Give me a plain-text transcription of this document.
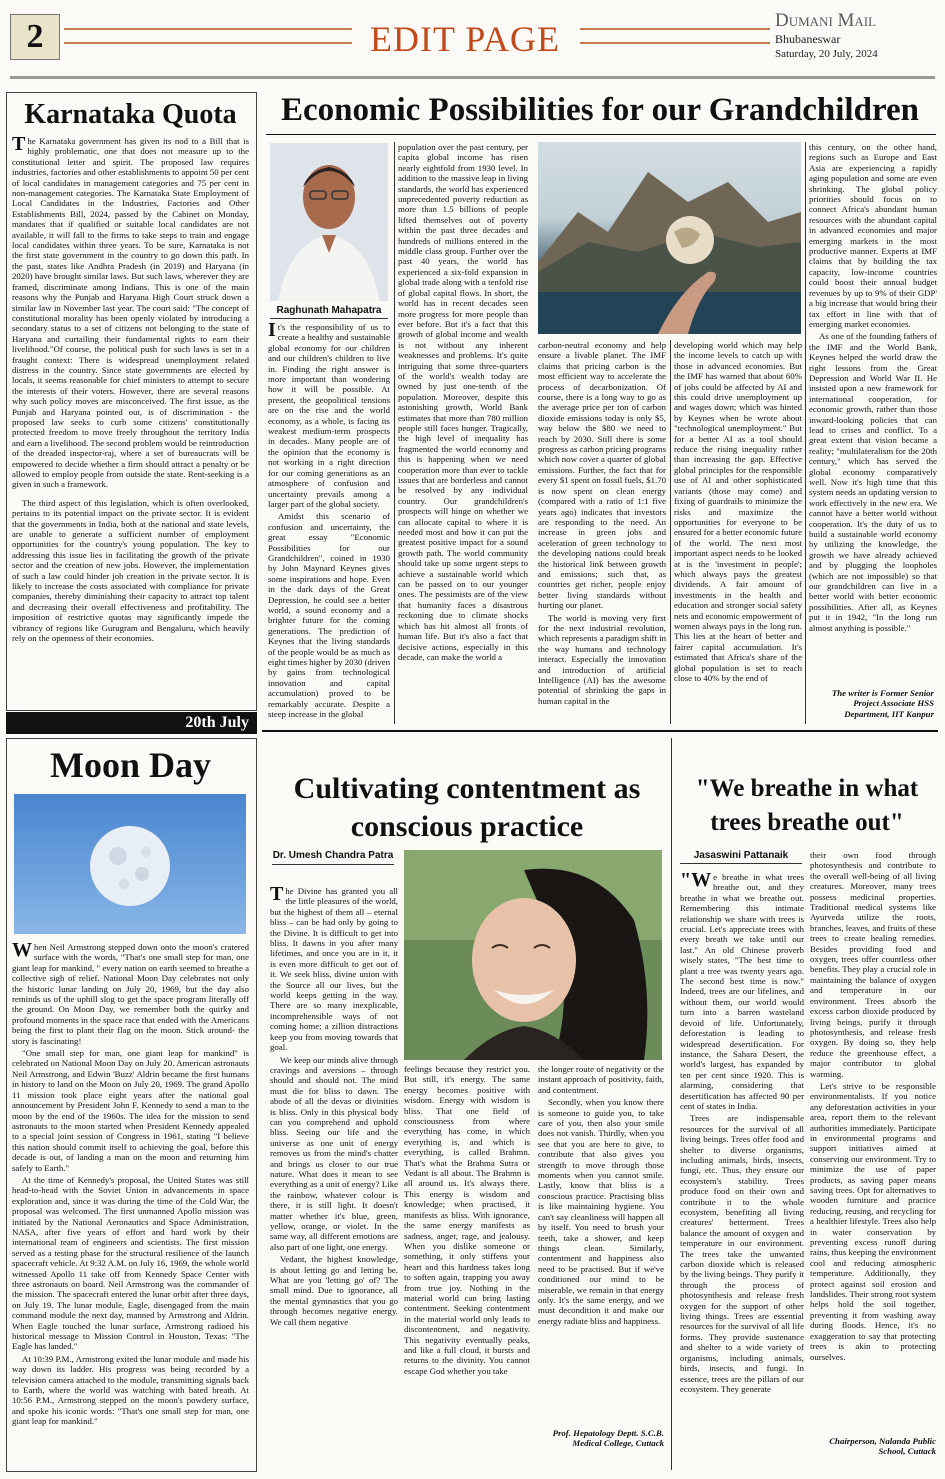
2	EDIT PAGE	Dumani Mail
Bhubaneswar
Saturday, 20 July, 2024
Karnataka Quota

The Karnataka government has given its nod to a Bill that is highly problematic, one that does not measure up to the constitutional letter and spirit. The proposed law requires industries, factories and other establishments to appoint 50 per cent of local candidates in management categories and 75 per cent in non-management categories. The Karnataka State Employment of Local Candidates in the Industries, Factories and Other Establishments Bill, 2024, passed by the Cabinet on Monday, mandates that if qualified or suitable local candidates are not available, it will fall to the firms to take steps to train and engage local candidates within three years. To be sure, Karnataka is not the first state government in the country to go down this path. In the past, states like Andhra Pradesh (in 2019) and Haryana (in 2020) have brought similar laws. But such laws, wherever they are framed, discriminate among Indians. This is one of the main reasons why the Punjab and Haryana High Court struck down a similar law in November last year. The court said: "The concept of constitutional morality has been openly violated by introducing a secondary status to a set of citizens not belonging to the state of Haryana and curtailing their fundamental rights to earn their livelihood."Of course, the political push for such laws is set in a fraught context: There is widespread unemployment related distress in the country. Since state governments are elected by locals, it seems reasonable for chief ministers to attempt to secure the interests of their voters. However, there are several reasons why such policy moves are misconceived. The first issue, as the Punjab and Haryana pointed out, is of discrimination - the proposed law seeks to curb some citizens' constitutionally protected freedom to move freely throughout the territory India and earn a livelihood. The second problem would be reintroduction of the dreaded inspector-raj, where a set of bureaucrats will be empowered to decide whether a firm should attract a penalty or be allowed to employ people from outside the state. Rent-seeking is a given in such a framework.

The third aspect of this legislation, which is often overlooked, pertains to its potential impact on the private sector. It is evident that the governments in India, both at the national and state levels, are unable to generate a sufficient number of employment opportunities for the country's young population. The key to addressing this issue lies in facilitating the growth of the private sector and the creation of new jobs. However, the implementation of such a law could hinder job creation in the private sector. It is likely to increase the costs associated with compliance for private companies, thereby diminishing their capacity to attract top talent and decreasing their overall effectiveness and profitability. The imposition of restrictive quotas may significantly impede the vibrancy of regions like Gurugram and Bengaluru, which heavily rely on the openness of their economies.

20th July
Moon Day

When Neil Armstrong stepped down onto the moon's cratered surface with the words, "That's one small step for man, one giant leap for mankind, " every nation on earth seemed to breathe a collective sigh of relief. National Moon Day celebrates not only the historic lunar landing on July 20, 1969, but the day also reminds us of the uphill slog to get the space program literally off the ground. On Moon Day, we remember both the quirky and profound moments in the space race that ended with the Americans being the first to plant their flag on the moon. Stick around- the story is fascinating!

"One small step for man, one giant leap for mankind" is celebrated on National Moon Day on July 20. American astronauts Neil Armstrong, and Edwin 'Buzz' Aldrin became the first humans in history to land on the Moon on July 20, 1969. The grand Apollo 11 mission took place eight years after the national goal announcement by President John F. Kennedy to send a man to the moon by the end of the 1960s. The idea for the mission to send astronauts to the moon started when President Kennedy appealed to a special joint session of Congress in 1961, stating "I believe this nation should commit itself to achieving the goal, before this decade is out, of landing a man on the moon and returning him safely to Earth."

At the time of Kennedy's proposal, the United States was still head-to-head with the Soviet Union in advancements in space exploration and, since it was during the time of the Cold War, the proposal was welcomed. The first unmanned Apollo mission was initiated by the National Aeronautics and Space Administration, NASA, after five years of effort and hard work by their international team of engineers and scientists. The first mission served as a testing phase for the structural resilience of the launch spacecraft vehicle. At 9:32 A.M. on July 16, 1969, the whole world witnessed Apollo 11 take off from Kennedy Space Center with three astronauts on board. Neil Armstrong was the commander of the mission. The spacecraft entered the lunar orbit after three days, on July 19. The lunar module, Eagle, disengaged from the main command module the next day, manned by Armstrong and Aldrin. When Eagle touched the lunar surface, Armstrong radioed his historical message to Mission Control in Houston, Texas: "The Eagle has landed."

At 10:39 P.M., Armstrong exited the lunar module and made his way down its ladder. His progress was being recorded by a television camera attached to the module, transmitting signals back to Earth, where the world was watching with bated breath. At 10:56 P.M., Armstrong stepped on the moon's powdery surface, and spoke his iconic words: "That's one small step for man, one giant leap for mankind."

Economic Possibilities for our Grandchildren
Raghunath Mahapatra

It's the responsibility of us to create a healthy and sustainable global economy for our children and our children's children to live in. Finding the right answer is more important than wondering how it will be possible. At present, the geopolitical tensions are on the rise and the world economy, as a whole, is facing its weakest medium-term prospects in decades. Many people are of the opinion that the economy is not working in a right direction for our coming generations as an atmosphere of confusion and uncertainty prevails among a larger part of the global society.

Amidst this scenario of confusion and uncertainty, the great essay "Economic Possibilities for our Grandchildren", coined in 1930 by John Maynard Keynes gives some inspirations and hope. Even in the dark days of the Great Depression, he could see a better world, a sound economy and a brighter future for the coming generations. The prediction of Keynes that the living standards of the people would be as much as eight times higher by 2030 (driven by gains from technological innovation and capital accumulation) proved to be remarkably accurate. Despite a steep increase in the global

population over the past century, per capita global income has risen nearly eightfold from 1930 level. In addition to the massive leap in living standards, the world has experienced unprecedented poverty reduction as more than 1.5 billions of people lifted themselves out of poverty within the past three decades and hundreds of millions entered in the middle class group. Further over the past 40 years, the world has experienced a six-fold expansion in global trade along with a tenfold rise of global capital flows. In short, the world has in recent decades seen more progress for more people than ever before. But it's a fact that this growth of global income and wealth is not without any inherent weaknesses and problems. It's quite intriguing that some three-quarters of the world's wealth today are owned by just one-tenth of the population. Moreover, despite this astonishing growth, World Bank estimates that more than 780 million people still faces hunger. Tragically, the high level of inequality has fragmented the world economy and this is happening when we need cooperation more than ever to tackle issues that are borderless and cannot be resolved by any individual country. Our grandchildren's prospects will hinge on whether we can allocate capital to where it is needed most and how it can put the greatest positive impact for a sound growth path. The world community should take up some urgent steps to achieve a sustainable world which can be passed on to our younger ones. The pessimists are of the view that humanity faces a disastrous reckoning due to climate shocks which has hit almost all fronts of human life. But it's also a fact that decisive actions, especially in this decade, can make the world a

carbon-neutral economy and help ensure a livable planet. The IMF claims that pricing carbon is the most efficient way to accelerate the process of decarbonization. Of course, there is a long way to go as the average price per ton of carbon dioxide emissions today is only $5, way below the $80 we need to reach by 2030. Still there is some progress as carbon pricing programs which now cover a quarter of global emissions. Further, the fact that for every $1 spent on fossil fuels, $1.70 is now spent on clean energy (compared with a ratio of 1:1 five years ago) indicates that investors are responding to the need. An increase in green jobs and aceleration of green technology to the developing nations could break the historical link between growth and emissions; such that, as countries get richer, people enjoy better living standards without hurting our planet.

The world is moving very first for the next industrial revolution, which represents a paradigm shift in the way humans and technology interact. Especially the innovation and introduction of artificial Intelligence (AI) has the awesome potential of shrinking the gaps in human capital in the

developing world which may help the income levels to catch up with those in advanced economies. But the IMF has warned that about 60% of jobs could be affected by AI and this could drive unemployment up and wages down; which was hinted by Keynes when he wrote about "technological unemployment." But for a better AI as a tool should reduce the rising inequality rather than increasing the gap. Effective global principles for the responsible use of AI and other sophisticated variants (those may come) and fixing of guardrails to minimize the risks and maximize the opportunities for everyone to be ensured for a better economic future of the world. The next most important aspect needs to be looked at is the 'investment in people'; which always pays the greatest dividends. A fair amount of investments in the health and education and stronger social safety nets and economic empowerment of women always pays in the long run. This lies at the heart of better and fairer capital accumulation. It's estimated that Africa's share of the global population is set to reach close to 40% by the end of

this century, on the other hand, regions such as Europe and East Asia are experiencing a rapidly aging population and some are even shrinking. The global policy priorities should focus on to connect Africa's abundant human resources with the abundant capital in advanced economies and major emerging markets in the most productive manner. Experts at IMF claims that by building the tax capacity, low-income countries could boost their annual budget revenues by up to 9% of their GDP' a big increase that would bring their tax effort in line with that of emerging market economies.

As one of the founding fathers of the IMF and the World Bank, Keynes helped the world draw the right lessons from the Great Depression and World War II. He insisted upon a new framework for international cooperation, for economic growth, rather than those inward-looking policies that can lead to crises and conflict. To a great extent that vision became a reality; "multilateralism for the 20th century," which has served the global economy comparatively well. Now it's high time that this system needs an updating version to work effectively in the new era. We cannot have a better world without cooperation. It's the duty of us to build a sustainable world economy by utilizing the knowledge, the growth we have already achieved and by plugging the loopholes (which are not impossible) so that our grandchildren can live in a better world with better economic possibilities. After all, as Keynes put it in 1942, "In the long run almost anything is possible."

The writer is Former Senior Project Associate HSS Department, IIT Kanpur
Cultivating contentment as conscious practice
Dr. Umesh Chandra Patra

The Divine has granted you all the little pleasures of the world, but the highest of them all – eternal bliss – can be had only by going to the Divine. It is difficult to get into bliss. It dawns in you after many lifetimes, and once you are in it, it is even more difficult to get out of it. We seek bliss, divine union with the Source all our lives, but the world keeps getting in the way. There are so many inexplicable, incomprehensible ways of not coming home; a zillion distractions keep you from moving towards that goal.

We keep our minds alive through cravings and aversions – through should and should not. The mind must die for bliss to dawn. The abode of all the devas or divinities is bliss. Only in this physical body can you comprehend and uphold bliss. Seeing our life and the universe as one unit of energy removes us from the mind's chatter and brings us closer to our true nature. What does it mean to see everything as a unit of energy? Like the rainbow, whatever colour is there, it is still light. It doesn't matter whether it's blue, green, yellow, orange, or violet. In the same way, all different emotions are also part of one light, one energy.

Vedant, the highest knowledge, is about letting go and letting be. What are you 'letting go' of? The small mind. Due to ignorance, all the mental gymnastics that you go through becomes negative energy. We call them negative

feelings because they restrict you. But still, it's energy. The same energy becomes positive with wisdom. Energy with wisdom is bliss. That one field of consciousness from where everything has come, in which everything is, and which is everything, is called Brahmn. That's what the Brahma Sutra or Vedant is all about. The Brahmn is all around us. It's always there. This energy is wisdom and knowledge; when practised, it manifests as bliss. With ignorance, the same energy manifests as sadness, anger, rage, and jealousy. When you dislike someone or something, it only stiffens your heart and this hardness takes long to soften again, trapping you away from true joy. Nothing in the material world can bring lasting contentment. Seeking contentment in the material world only leads to discontentment, and negativity. This negativity eventually peaks, and like a full cloud, it bursts and returns to the divinity. You cannot escape God whether you take

the longer route of negativity or the instant approach of positivity, faith, and contentment.

Secondly, when you know there is someone to guide you, to take care of you, then also your smile does not vanish. Thirdly, when you see that you are here to give, to contribute that also gives you strength to move through those moments when you cannot smile. Lastly, know that bliss is a conscious practice. Practising bliss is like maintaining hygiene. You can't say cleanliness will happen all by itself. You need to brush your teeth, take a shower, and keep things clean. Similarly, contentment and happiness also need to be practised. But if we've conditioned our mind to be miserable, we remain in that energy only. It's the same energy, and we must decondition it and make our energy radiate bliss and happiness.

Prof. Hepatology Deptt. S.C.B. Medical College, Cuttack
"We breathe in what trees breathe out"
Jasaswini Pattanaik

"We breathe in what trees breathe out, and they breathe in what we breathe out. Remembering this intimate relationship we share with trees is crucial. Let's appreciate trees with every breath we take until our last." An old Chinese proverb wisely states, "The best time to plant a tree was twenty years ago. The second best time is now." Indeed, trees are our lifelines, and without them, our world would turn into a barren wasteland devoid of life. Unfortunately, deforestation is leading to widespread desertification. For instance, the Sahara Desert, the world's largest, has expanded by ten per cent since 1920. This is alarming, considering that desertification has affected 90 per cent of states in India.

Trees are indispensable resources for the survival of all living beings. Trees offer food and shelter to diverse organisms, including animals, birds, insects, fungi, etc. Thus, they ensure our ecosystem's stability. Trees produce food on their own and contribute it to the whole ecosystem, benefiting all living creatures' betterment. Trees balance the amount of oxygen and temperature in our environment. The trees take the unwanted carbon dioxide which is released by the living beings. They purify it through the process of photosynthesis and release fresh oxygen for the support of other living things. Trees are essential resources for the survival of all life forms. They provide sustenance and shelter to a wide variety of organisms, including animals, birds, insects, and fungi. In essence, trees are the pillars of our ecosystem. They generate

their own food through photosynthesis and contribute to the overall well-being of all living creatures. Moreover, many trees possess medicinal properties. Traditional medical systems like Ayurveda utilize the roots, branches, leaves, and fruits of these trees to create healing remedies. Besides providing food and oxygen, trees offer countless other benefits. They play a crucial role in maintaining the balance of oxygen and temperature in our environment. Trees absorb the excess carbon dioxide produced by living beings, purify it through photosynthesis, and release fresh oxygen. By doing so, they help reduce the greenhouse effect, a major contributor to global warming.

Let's strive to be responsible environmentalists. If you notice any deforestation activities in your area, report them to the relevant authorities immediately. Participate in environmental programs and support initiatives aimed at conserving our environment. Try to minimize the use of paper products, as saving paper means saving trees. Opt for alternatives to wooden furniture and practice reducing, reusing, and recycling for a healthier lifestyle. Trees also help in water conservation by preventing excess runoff during rains, thus keeping the environment cool and reducing atmospheric temperature. Additionally, they protect against soil erosion and landslides. Their strong root system helps hold the soil together, preventing it from washing away during floods. Hence, it's no exaggeration to say that protecting trees is akin to protecting ourselves.

Chairperson, Nalanda Public School, Cuttack
